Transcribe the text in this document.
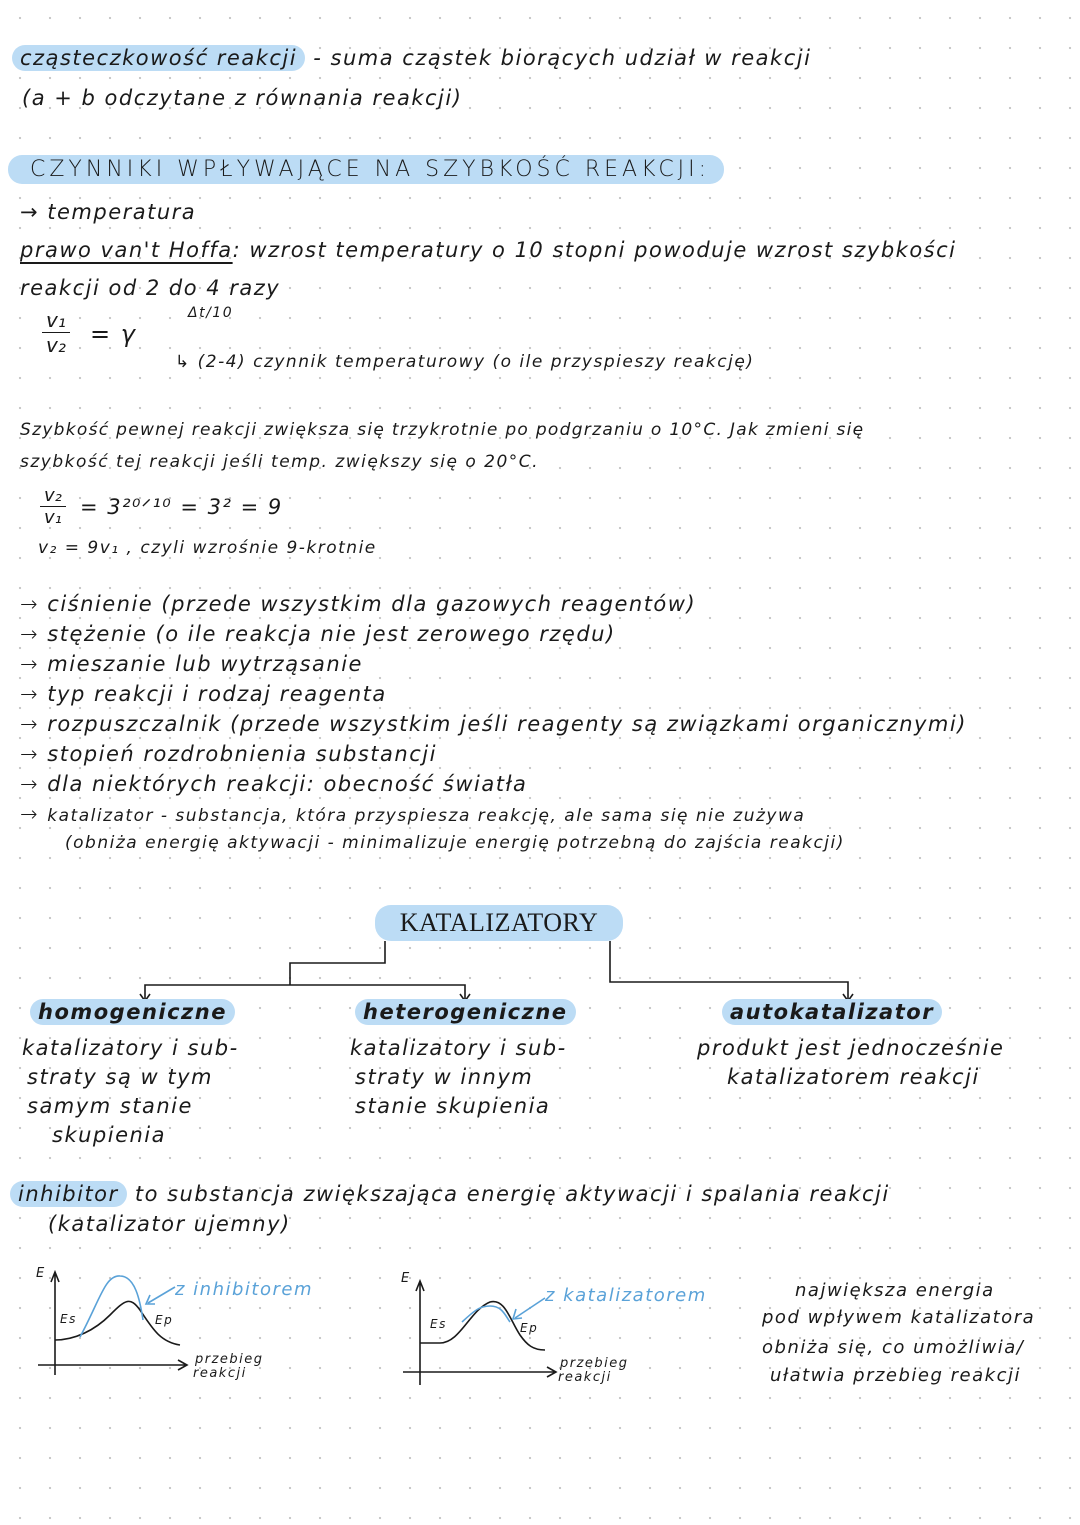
cząsteczkowość reakcji - suma cząstek biorących udział w reakcji
(a + b odczytane z równania reakcji)
CZYNNIKI WPŁYWAJĄCE NA SZYBKOŚĆ REAKCJI:
→ temperatura
prawo van't Hoffa: wzrost temperatury o 10 stopni powoduje wzrost szybkości
reakcji od 2 do 4 razy
$\frac{\text{v₁}}{\text{v₂}} = \gamma$
Δt/10
↳ (2-4) czynnik temperaturowy (o ile przyspieszy reakcję)
Szybkość pewnej reakcji zwiększa się trzykrotnie po podgrzaniu o 10°C. Jak zmieni się
szybkość tej reakcji jeśli temp. zwiększy się o 20°C.
$\frac{\text{v₂}}{\text{v₁}}$ = 3²⁰ᐟ¹⁰ = 3² = 9
v₂ = 9v₁ , czyli wzrośnie 9-krotnie
→ ciśnienie (przede wszystkim dla gazowych reagentów)
→ stężenie (o ile reakcja nie jest zerowego rzędu)
→ mieszanie lub wytrząsanie
→ typ reakcji i rodzaj reagenta
→ rozpuszczalnik (przede wszystkim jeśli reagenty są związkami organicznymi)
→ stopień rozdrobnienia substancji
→ dla niektórych reakcji: obecność światła
→ katalizator - substancja, która przyspiesza reakcję, ale sama się nie zużywa
(obniża energię aktywacji - minimalizuje energię potrzebną do zajścia reakcji)
KATALIZATORY
homogeniczne
katalizatory i sub-
straty są w tym
samym stanie
skupienia
heterogeniczne
katalizatory i sub-
straty w innym
stanie skupienia
autokatalizator
produkt jest jednocześnie
katalizatorem reakcji
inhibitor to substancja zwiększająca energię aktywacji i spalania reakcji
(katalizator ujemny)
E
Es	Ep
przebieg
reakcji
z inhibitorem
E
Es	Ep
przebieg
reakcji
z katalizatorem	największa energia
pod wpływem katalizatora
obniża się, co umożliwia/
ułatwia przebieg reakcji
